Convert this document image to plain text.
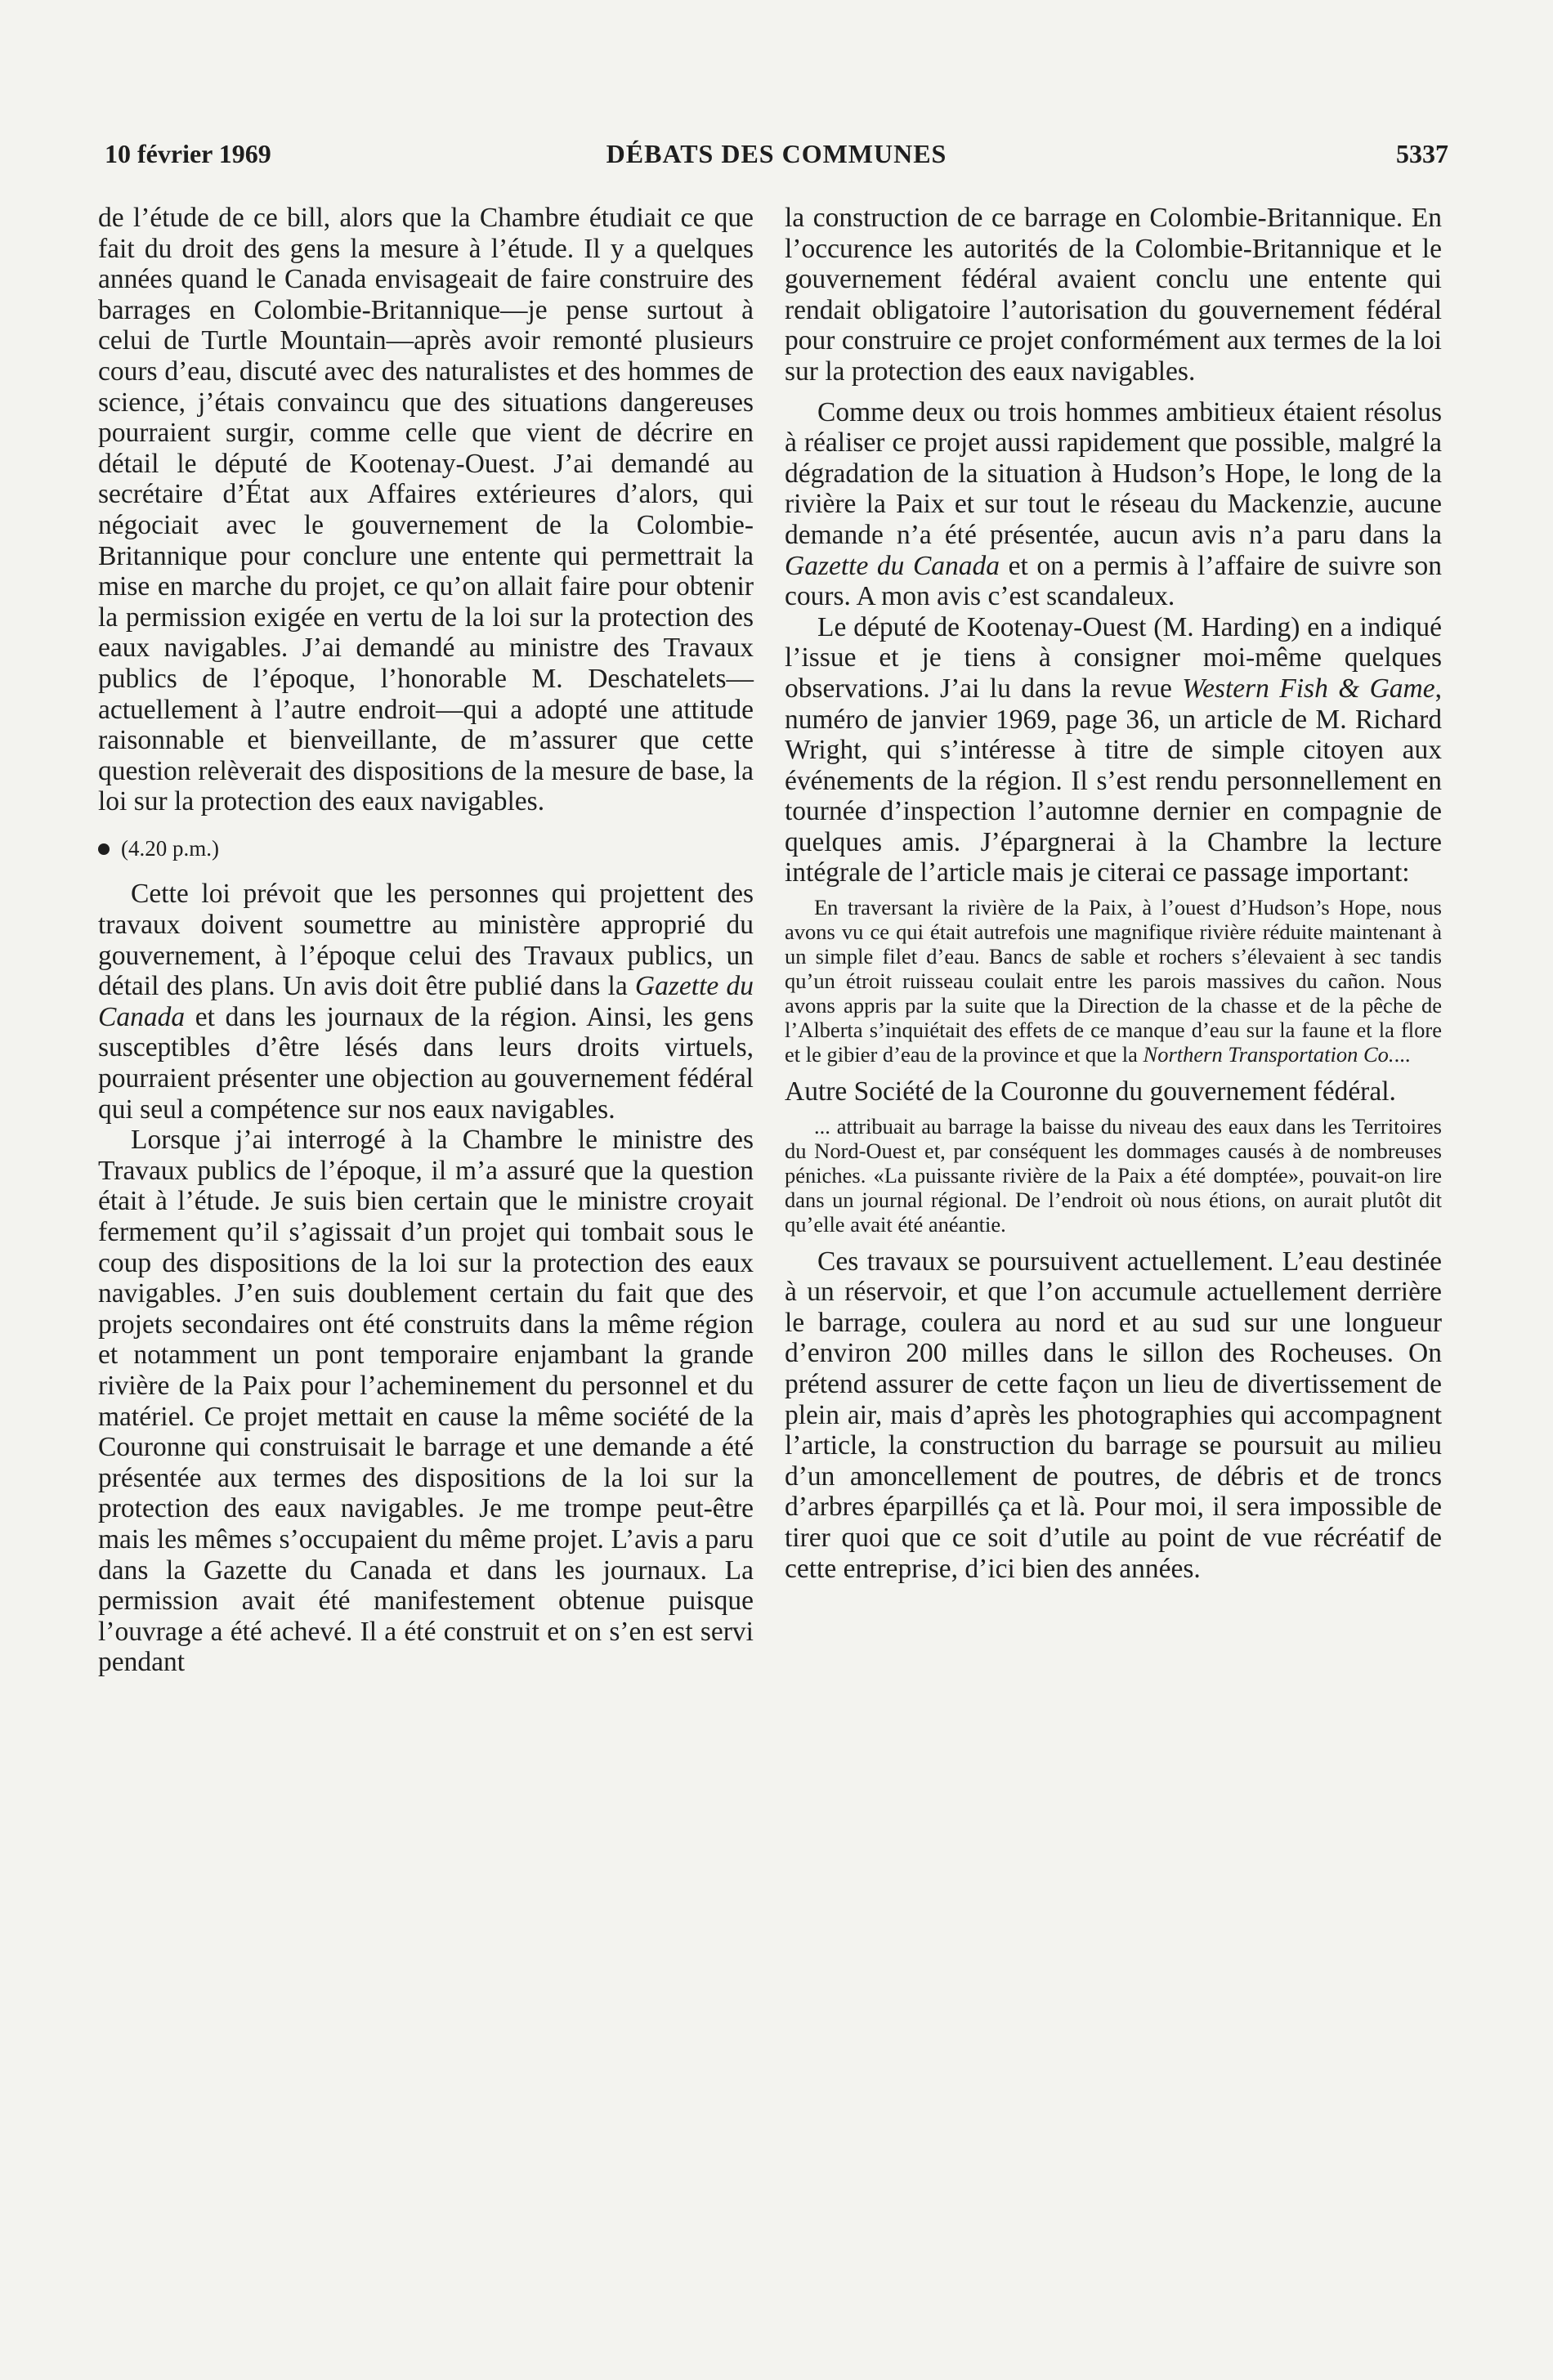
10 février 1969	DÉBATS DES COMMUNES	5337

de l’étude de ce bill, alors que la Chambre étudiait ce que fait du droit des gens la mesure à l’étude. Il y a quelques années quand le Canada envisageait de faire construire des barrages en Colombie-Britannique—je pense surtout à celui de Turtle Mountain—après avoir remonté plusieurs cours d’eau, discuté avec des naturalistes et des hommes de science, j’étais convaincu que des situations dangereuses pourraient surgir, comme celle que vient de décrire en détail le député de Kootenay-Ouest. J’ai demandé au secrétaire d’État aux Affaires extérieures d’alors, qui négociait avec le gouvernement de la Colombie-Britannique pour conclure une entente qui permettrait la mise en marche du projet, ce qu’on allait faire pour obtenir la permission exigée en vertu de la loi sur la protection des eaux navigables. J’ai demandé au ministre des Travaux publics de l’époque, l’honorable M. Deschatelets—actuellement à l’autre endroit—qui a adopté une attitude raisonnable et bienveillante, de m’assurer que cette question relèverait des dispositions de la mesure de base, la loi sur la protection des eaux navigables.

(4.20 p.m.)

Cette loi prévoit que les personnes qui projettent des travaux doivent soumettre au ministère approprié du gouvernement, à l’époque celui des Travaux publics, un détail des plans. Un avis doit être publié dans la Gazette du Canada et dans les journaux de la région. Ainsi, les gens susceptibles d’être lésés dans leurs droits virtuels, pourraient présenter une objection au gouvernement fédéral qui seul a compétence sur nos eaux navigables.

Lorsque j’ai interrogé à la Chambre le ministre des Travaux publics de l’époque, il m’a assuré que la question était à l’étude. Je suis bien certain que le ministre croyait fermement qu’il s’agissait d’un projet qui tombait sous le coup des dispositions de la loi sur la protection des eaux navigables. J’en suis doublement certain du fait que des projets secondaires ont été construits dans la même région et notamment un pont temporaire enjambant la grande rivière de la Paix pour l’acheminement du personnel et du matériel. Ce projet mettait en cause la même société de la Couronne qui construisait le barrage et une demande a été présentée aux termes des dispositions de la loi sur la protection des eaux navigables. Je me trompe peut-être mais les mêmes s’occupaient du même projet. L’avis a paru dans la Gazette du Canada et dans les journaux. La permission avait été manifestement obtenue puisque l’ouvrage a été achevé. Il a été construit et on s’en est servi pendant

la construction de ce barrage en Colombie-Britannique. En l’occurence les autorités de la Colombie-Britannique et le gouvernement fédéral avaient conclu une entente qui rendait obligatoire l’autorisation du gouvernement fédéral pour construire ce projet conformément aux termes de la loi sur la protection des eaux navigables.

Comme deux ou trois hommes ambitieux étaient résolus à réaliser ce projet aussi rapidement que possible, malgré la dégradation de la situation à Hudson’s Hope, le long de la rivière la Paix et sur tout le réseau du Mackenzie, aucune demande n’a été présentée, aucun avis n’a paru dans la Gazette du Canada et on a permis à l’affaire de suivre son cours. A mon avis c’est scandaleux.

Le député de Kootenay-Ouest (M. Harding) en a indiqué l’issue et je tiens à consigner moi-même quelques observations. J’ai lu dans la revue Western Fish & Game, numéro de janvier 1969, page 36, un article de M. Richard Wright, qui s’intéresse à titre de simple citoyen aux événements de la région. Il s’est rendu personnellement en tournée d’inspection l’automne dernier en compagnie de quelques amis. J’épargnerai à la Chambre la lecture intégrale de l’article mais je citerai ce passage important:

En traversant la rivière de la Paix, à l’ouest d’Hudson’s Hope, nous avons vu ce qui était autrefois une magnifique rivière réduite maintenant à un simple filet d’eau. Bancs de sable et rochers s’élevaient à sec tandis qu’un étroit ruisseau coulait entre les parois massives du cañon. Nous avons appris par la suite que la Direction de la chasse et de la pêche de l’Alberta s’inquiétait des effets de ce manque d’eau sur la faune et la flore et le gibier d’eau de la province et que la Northern Transportation Co....

Autre Société de la Couronne du gouvernement fédéral.

... attribuait au barrage la baisse du niveau des eaux dans les Territoires du Nord-Ouest et, par conséquent les dommages causés à de nombreuses péniches. «La puissante rivière de la Paix a été domptée», pouvait-on lire dans un journal régional. De l’endroit où nous étions, on aurait plutôt dit qu’elle avait été anéantie.

Ces travaux se poursuivent actuellement. L’eau destinée à un réservoir, et que l’on accumule actuellement derrière le barrage, coulera au nord et au sud sur une longueur d’environ 200 milles dans le sillon des Rocheuses. On prétend assurer de cette façon un lieu de divertissement de plein air, mais d’après les photographies qui accompagnent l’article, la construction du barrage se poursuit au milieu d’un amoncellement de poutres, de débris et de troncs d’arbres éparpillés ça et là. Pour moi, il sera impossible de tirer quoi que ce soit d’utile au point de vue récréatif de cette entreprise, d’ici bien des années.
